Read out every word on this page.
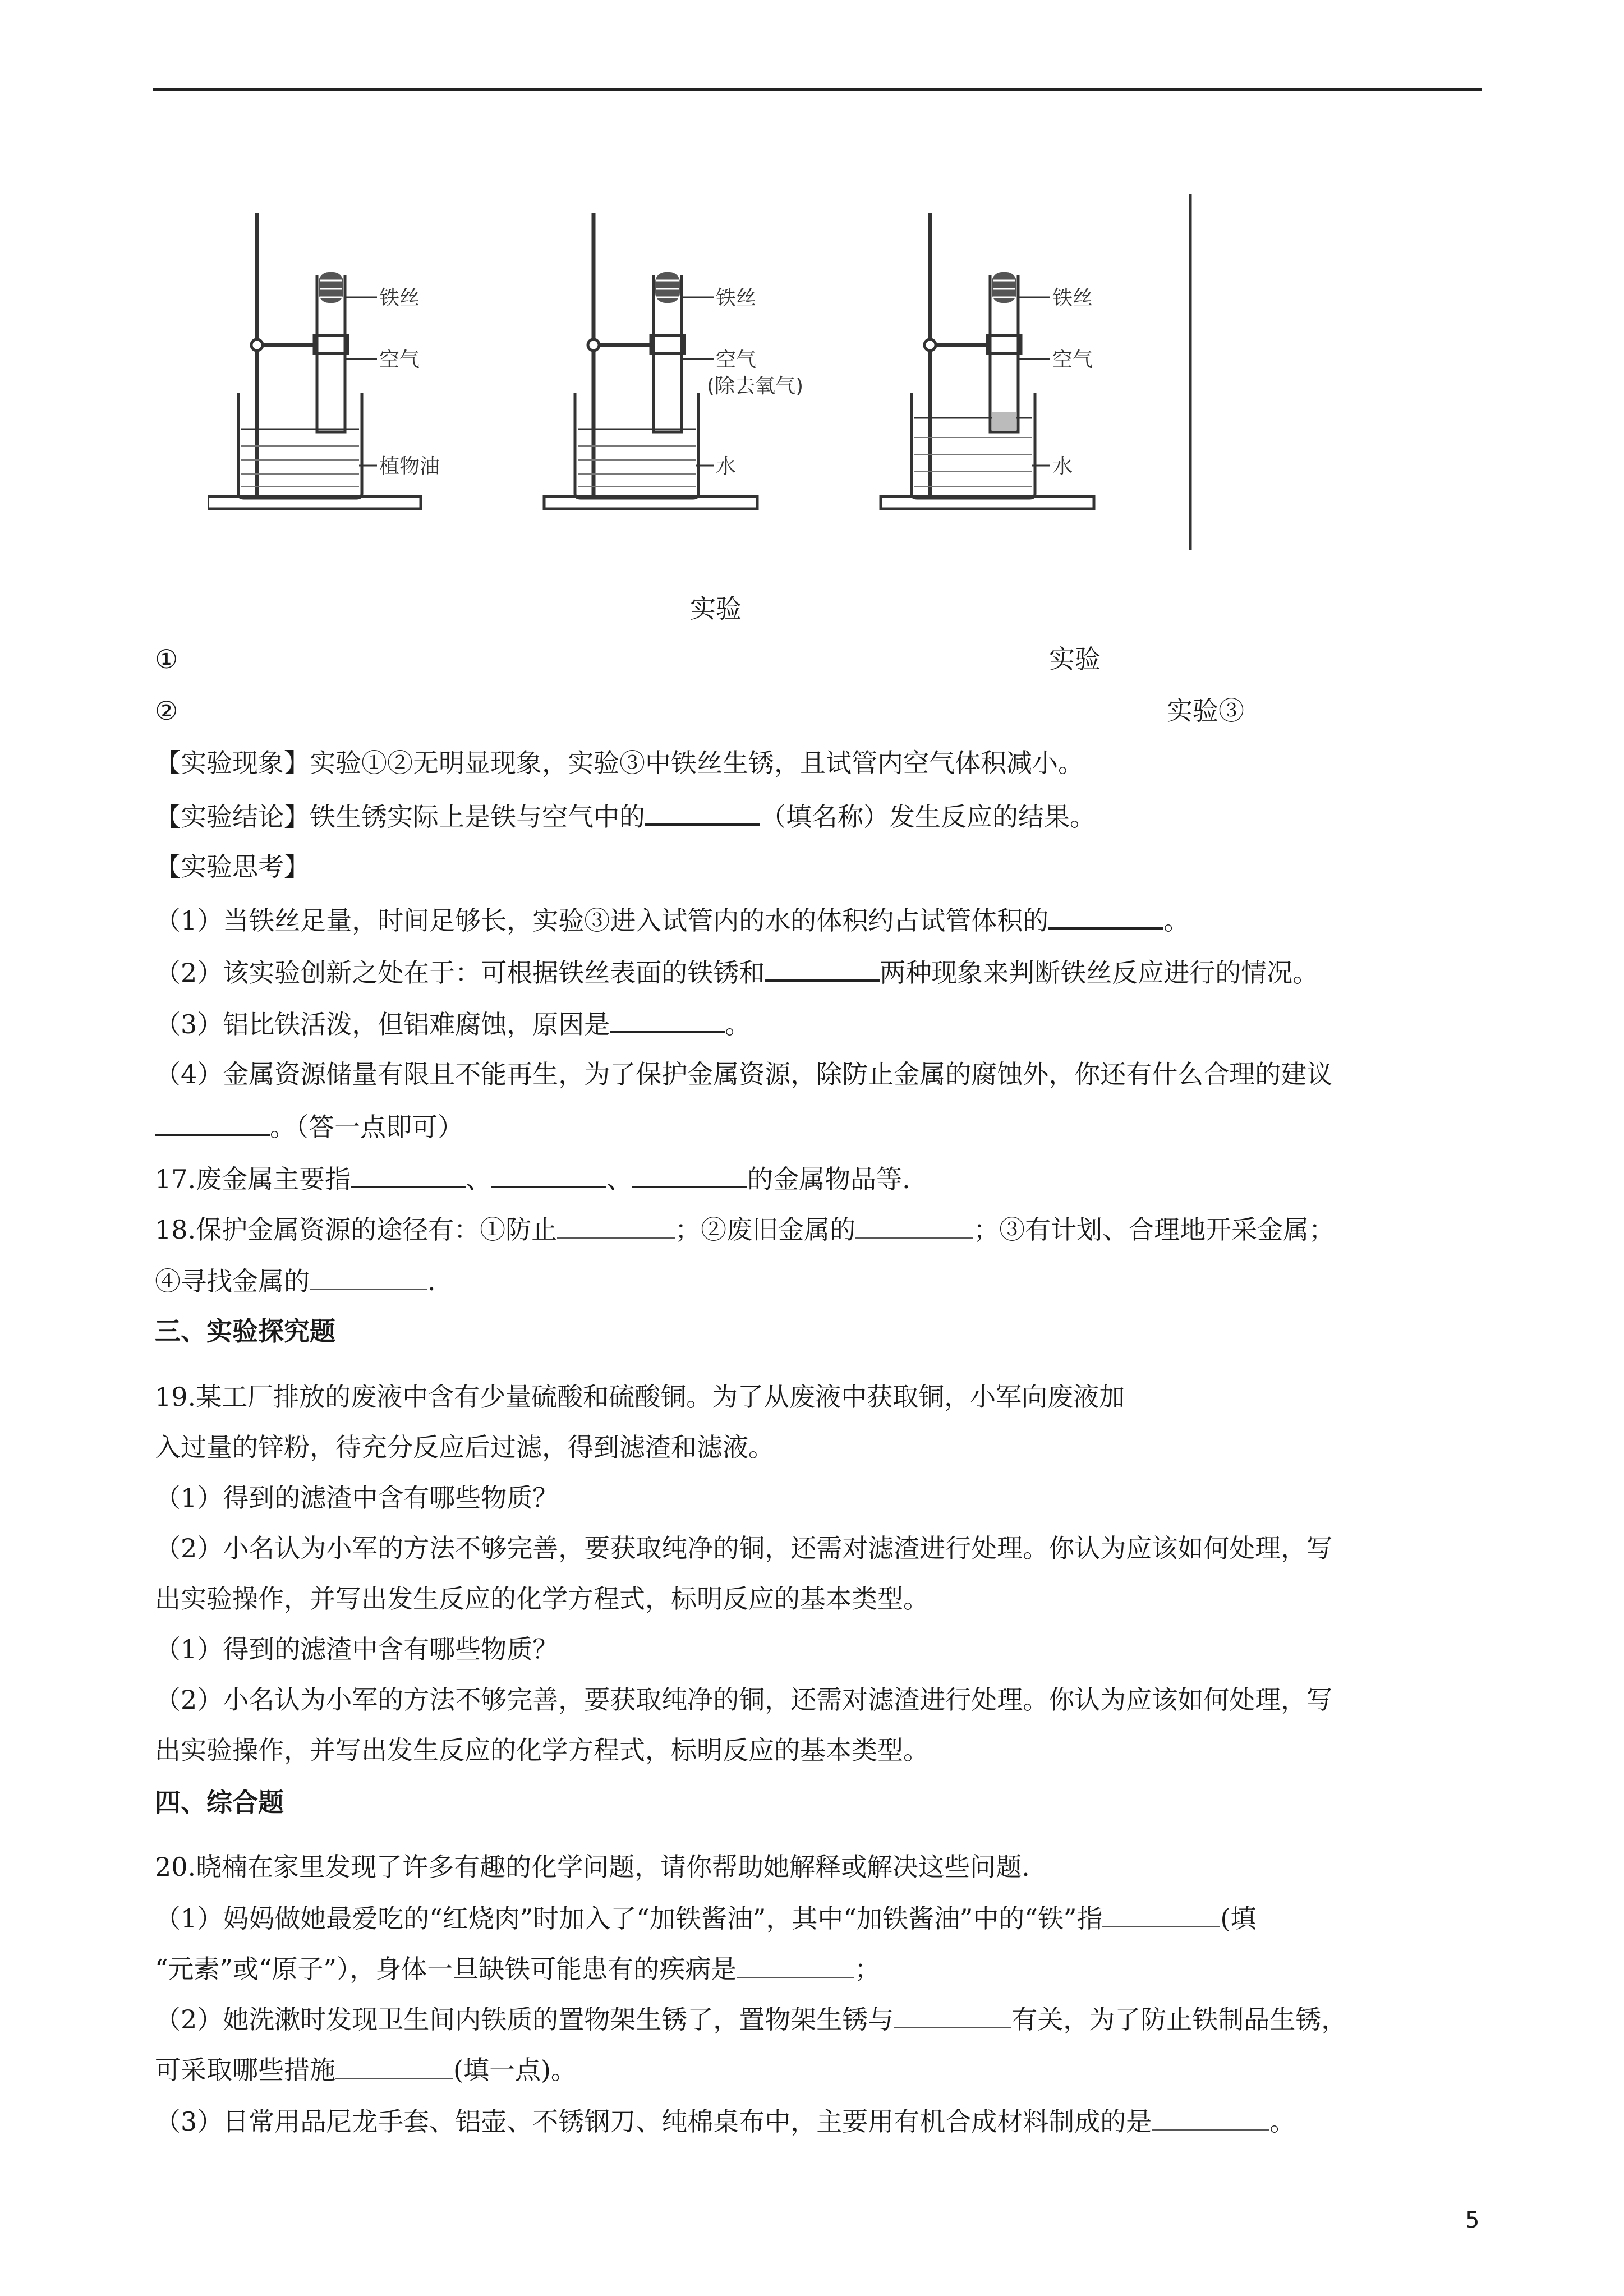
铁丝
空气
植物油
铁丝
空气
(除去氧气)
水
铁丝
空气
水
实验
①	实验
②	实验③
【实验现象】实验①②无明显现象，实验③中铁丝生锈，且试管内空气体积减小。
【实验结论】铁生锈实际上是铁与空气中的	（填名称）发生反应的结果。
【实验思考】
（1）当铁丝足量，时间足够长，实验③进入试管内的水的体积约占试管体积的	。
（2）该实验创新之处在于：可根据铁丝表面的铁锈和	两种现象来判断铁丝反应进行的情况。
（3）铝比铁活泼，但铝难腐蚀，原因是	。
（4）金属资源储量有限且不能再生，为了保护金属资源，除防止金属的腐蚀外，你还有什么合理的建议
。（答一点即可）
17.废金属主要指	、	、	的金属物品等.
18.保护金属资源的途径有：①防止	；②废旧金属的	；③有计划、合理地开采金属；
④寻找金属的	.
三、实验探究题
19.某工厂排放的废液中含有少量硫酸和硫酸铜。为了从废液中获取铜，小军向废液加
入过量的锌粉，待充分反应后过滤，得到滤渣和滤液。
（1）得到的滤渣中含有哪些物质？
（2）小名认为小军的方法不够完善，要获取纯净的铜，还需对滤渣进行处理。你认为应该如何处理，写
出实验操作，并写出发生反应的化学方程式，标明反应的基本类型。
（1）得到的滤渣中含有哪些物质？
（2）小名认为小军的方法不够完善，要获取纯净的铜，还需对滤渣进行处理。你认为应该如何处理，写
出实验操作，并写出发生反应的化学方程式，标明反应的基本类型。
四、综合题
20.晓楠在家里发现了许多有趣的化学问题，请你帮助她解释或解决这些问题.
（1）妈妈做她最爱吃的“红烧肉”时加入了“加铁酱油”，其中“加铁酱油”中的“铁”指	(填
“元素”或“原子”），身体一旦缺铁可能患有的疾病是	；
（2）她洗漱时发现卫生间内铁质的置物架生锈了，置物架生锈与	有关，为了防止铁制品生锈，
可采取哪些措施	(填一点)。
（3）日常用品尼龙手套、铝壶、不锈钢刀、纯棉桌布中，主要用有机合成材料制成的是	。
5
